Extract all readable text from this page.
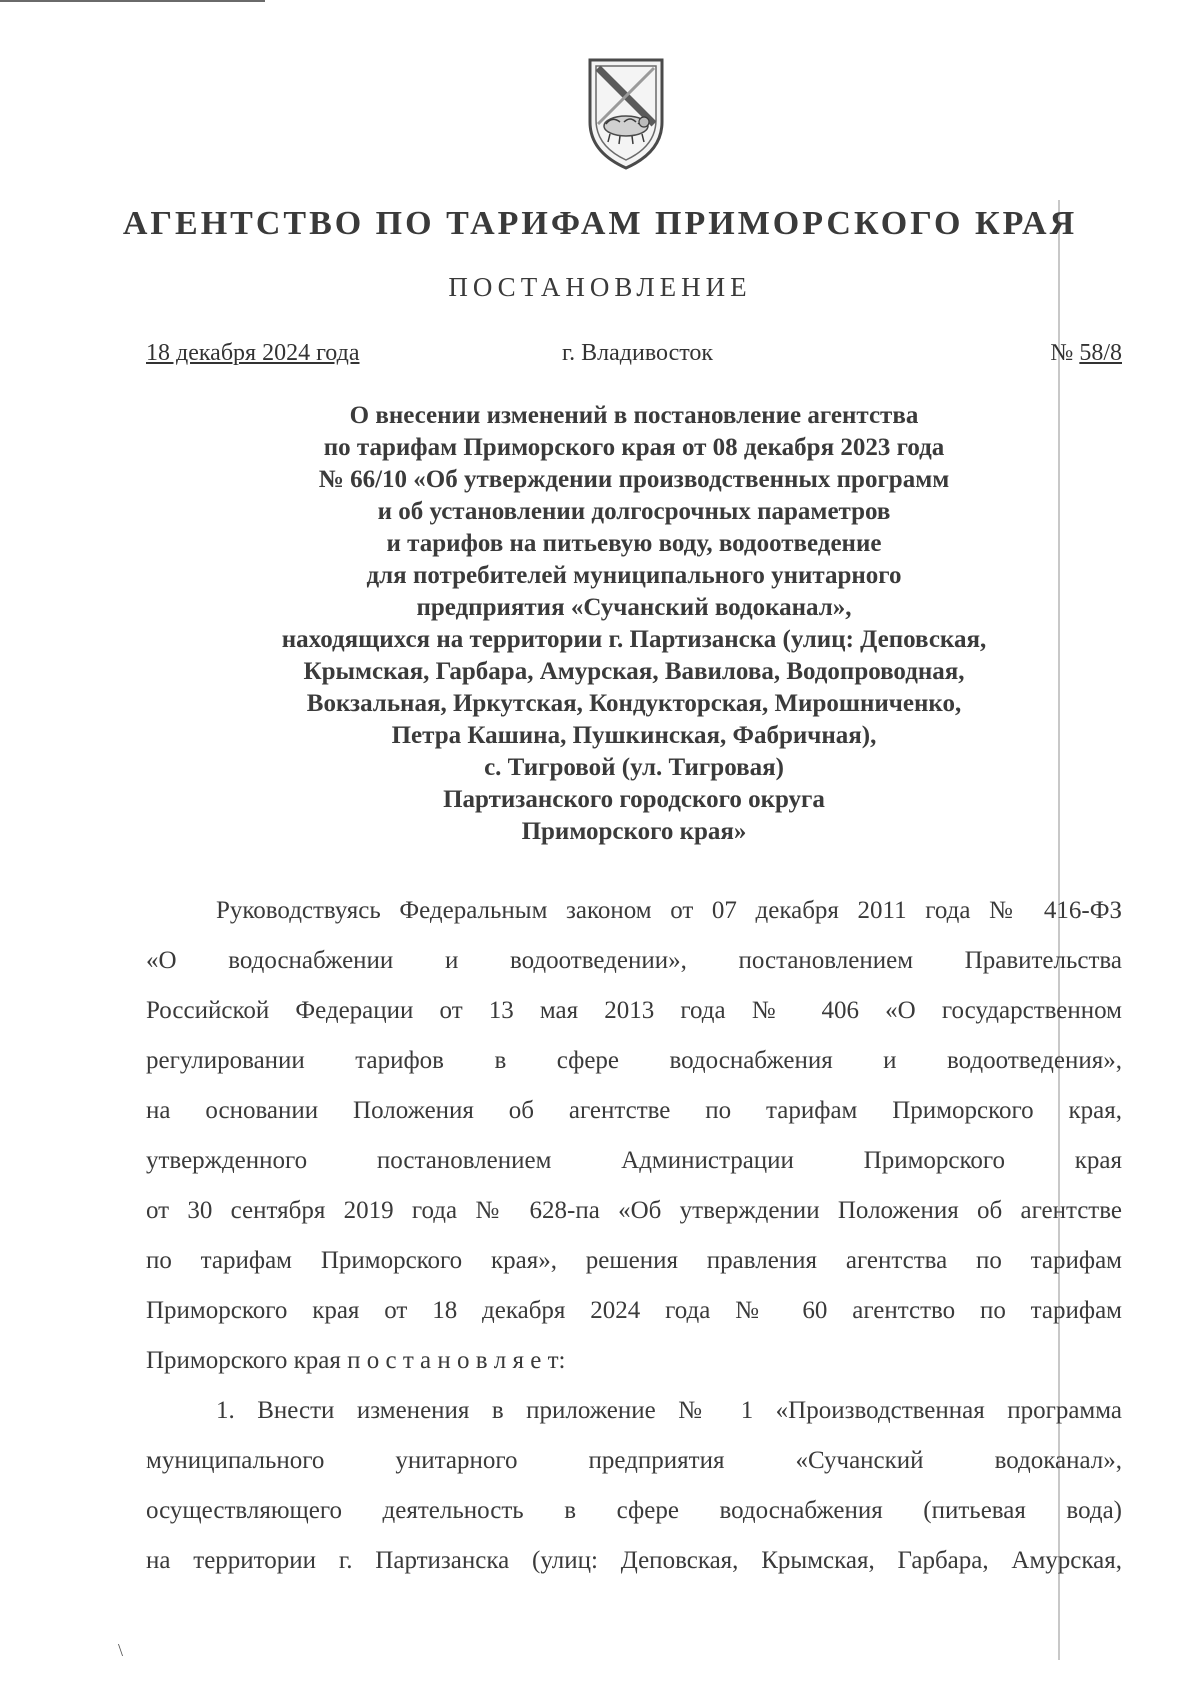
АГЕНТСТВО ПО ТАРИФАМ ПРИМОРСКОГО КРАЯ
ПОСТАНОВЛЕНИЕ
18 декабря 2024 года	г. Владивосток	№ 58/8
О внесении изменений в постановление агентства
по тарифам Приморского края от 08 декабря 2023 года
№ 66/10 «Об утверждении производственных программ
и об установлении долгосрочных параметров
и тарифов на питьевую воду, водоотведение
для потребителей муниципального унитарного
предприятия «Сучанский водоканал»,
находящихся на территории г. Партизанска (улиц: Деповская,
Крымская, Гарбара, Амурская, Вавилова, Водопроводная,
Вокзальная, Иркутская, Кондукторская, Мирошниченко,
Петра Кашина, Пушкинская, Фабричная),
с. Тигровой (ул. Тигровая)
Партизанского городского округа
Приморского края»
Руководствуясь Федеральным законом от 07 декабря 2011 года № 416-ФЗ
«О водоснабжении и водоотведении», постановлением Правительства
Российской Федерации от 13 мая 2013 года № 406 «О государственном
регулировании тарифов в сфере водоснабжения и водоотведения»,
на основании Положения об агентстве по тарифам Приморского края,
утвержденного постановлением Администрации Приморского края
от 30 сентября 2019 года № 628-па «Об утверждении Положения об агентстве
по тарифам Приморского края», решения правления агентства по тарифам
Приморского края от 18 декабря 2024 года № 60 агентство по тарифам
Приморского края п о с т а н о в л я е т:
1. Внести изменения в приложение № 1 «Производственная программа
муниципального унитарного предприятия «Сучанский водоканал»,
осуществляющего деятельность в сфере водоснабжения (питьевая вода)
на территории г. Партизанска (улиц: Деповская, Крымская, Гарбара, Амурская,
\
